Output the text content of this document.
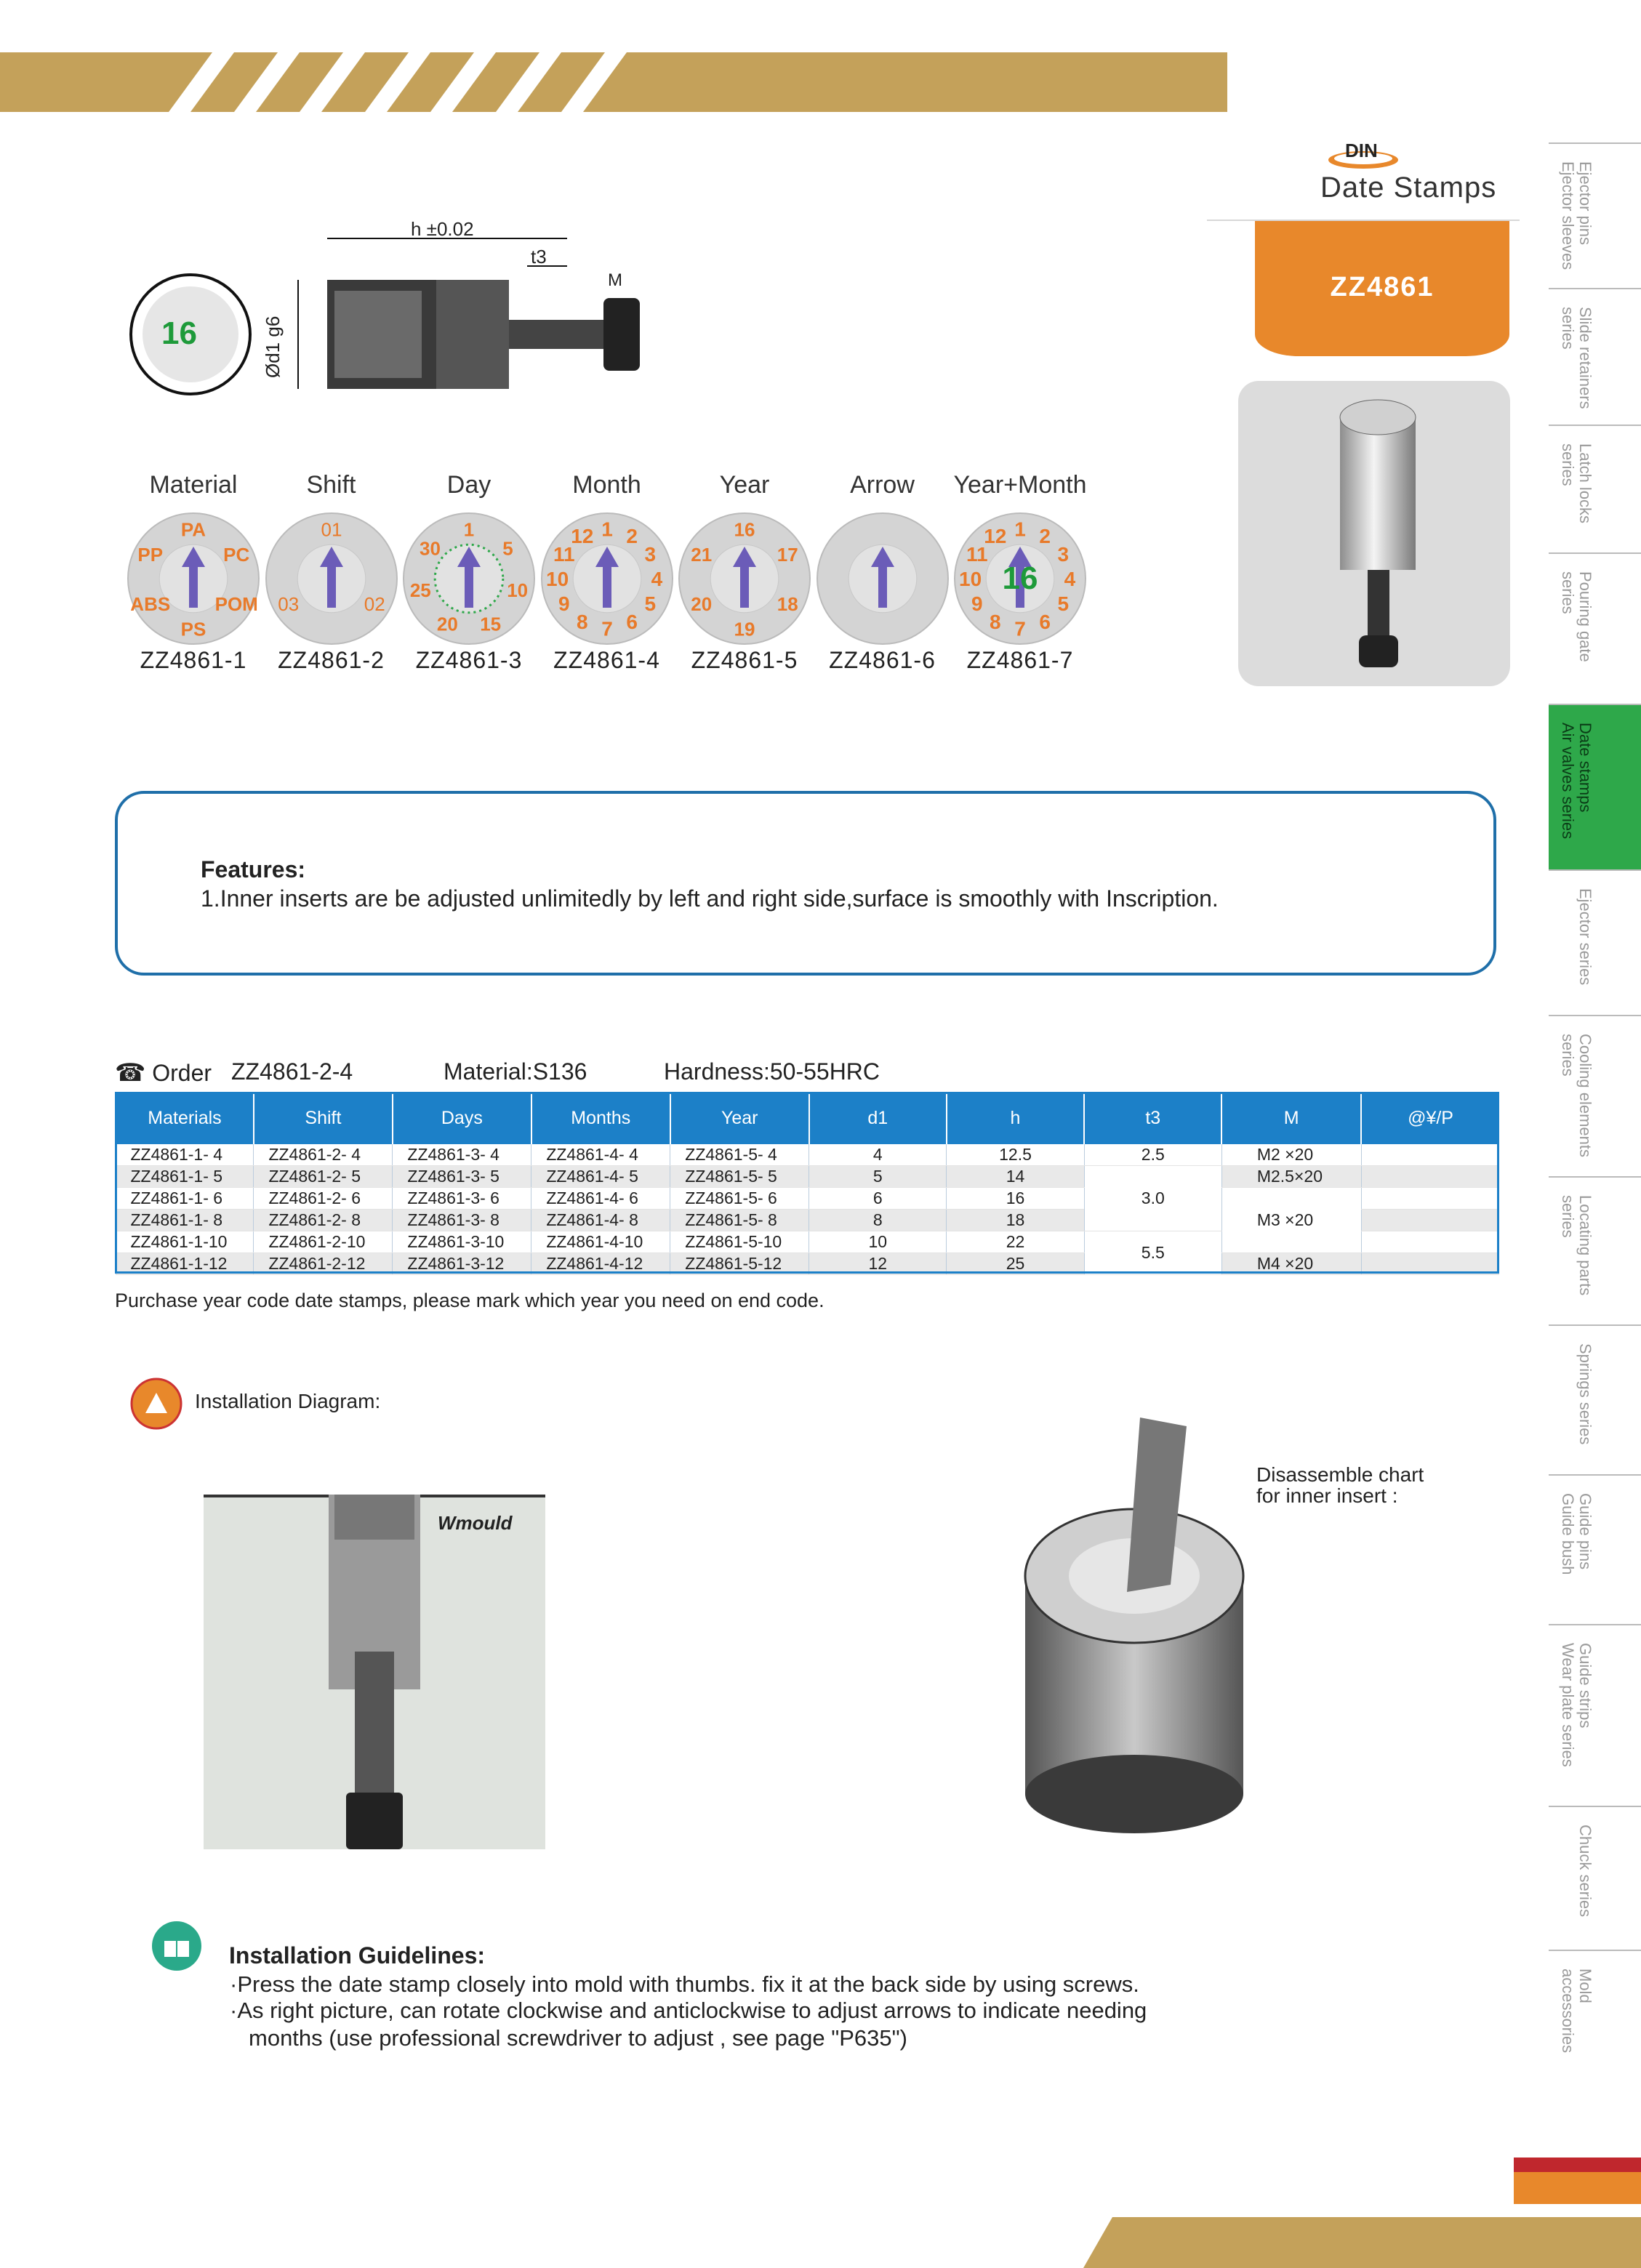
DIN
Date Stamps
ZZ4861
Ejector pins
Ejector sleeves
Slide retainers
series
Latch locks
series
Pouring gate
series
Date stamps
Air valves series
Ejector series
Cooling elements
series
Locating parts
series
Springs series
Guide pins
Guide bush
Guide strips
Wear plate series
Chuck series
Mold
accessories
h ±0.02
t3
M
Ød1 g6
16
Material
ZZ4861-1
PA
PC
POM
PS
ABS
PP
Shift
ZZ4861-2
01
02
03
Day
ZZ4861-3
1
5
10
15
20
25
30
Month
ZZ4861-4
1 2
3
4
5
6
7
8
9
10
11
12
Year
ZZ4861-5
16
17
18
19
20
21
Arrow
ZZ4861-6
Year+Month
ZZ4861-7
1 2
3
4
5
6
7
8
9
10
11
12
16
Features:
1.Inner inserts are be adjusted unlimitedly by left and right side,surface is smoothly with Inscription.
☎ Order ZZ4861-2-4	Material:S136	Hardness:50-55HRC
Materials	Shift	Days	Months	Year	d1	h	t3	M	@¥/P
ZZ4861-1- 4	ZZ4861-2- 4	ZZ4861-3- 4	ZZ4861-4- 4	ZZ4861-5- 4	4	12.5	2.5	M2 ×20	
ZZ4861-1- 5	ZZ4861-2- 5	ZZ4861-3- 5	ZZ4861-4- 5	ZZ4861-5- 5	5	14	3.0	M2.5×20	
ZZ4861-1- 6	ZZ4861-2- 6	ZZ4861-3- 6	ZZ4861-4- 6	ZZ4861-5- 6	6	16		M3 ×20	
ZZ4861-1- 8	ZZ4861-2- 8	ZZ4861-3- 8	ZZ4861-4- 8	ZZ4861-5- 8	8	18			
ZZ4861-1-10	ZZ4861-2-10	ZZ4861-3-10	ZZ4861-4-10	ZZ4861-5-10	10	22	5.5		
ZZ4861-1-12	ZZ4861-2-12	ZZ4861-3-12	ZZ4861-4-12	ZZ4861-5-12	12	25		M4 ×20	
Purchase year code date stamps, please mark which year you need on end code.
Installation Diagram:
Wmould
Disassemble chart
for inner insert :
Installation Guidelines:
·Press the date stamp closely into mold with thumbs. fix it at the back side by using screws.
·As right picture, can rotate clockwise and anticlockwise to adjust arrows to indicate needing
months (use professional screwdriver to adjust , see page "P635")
